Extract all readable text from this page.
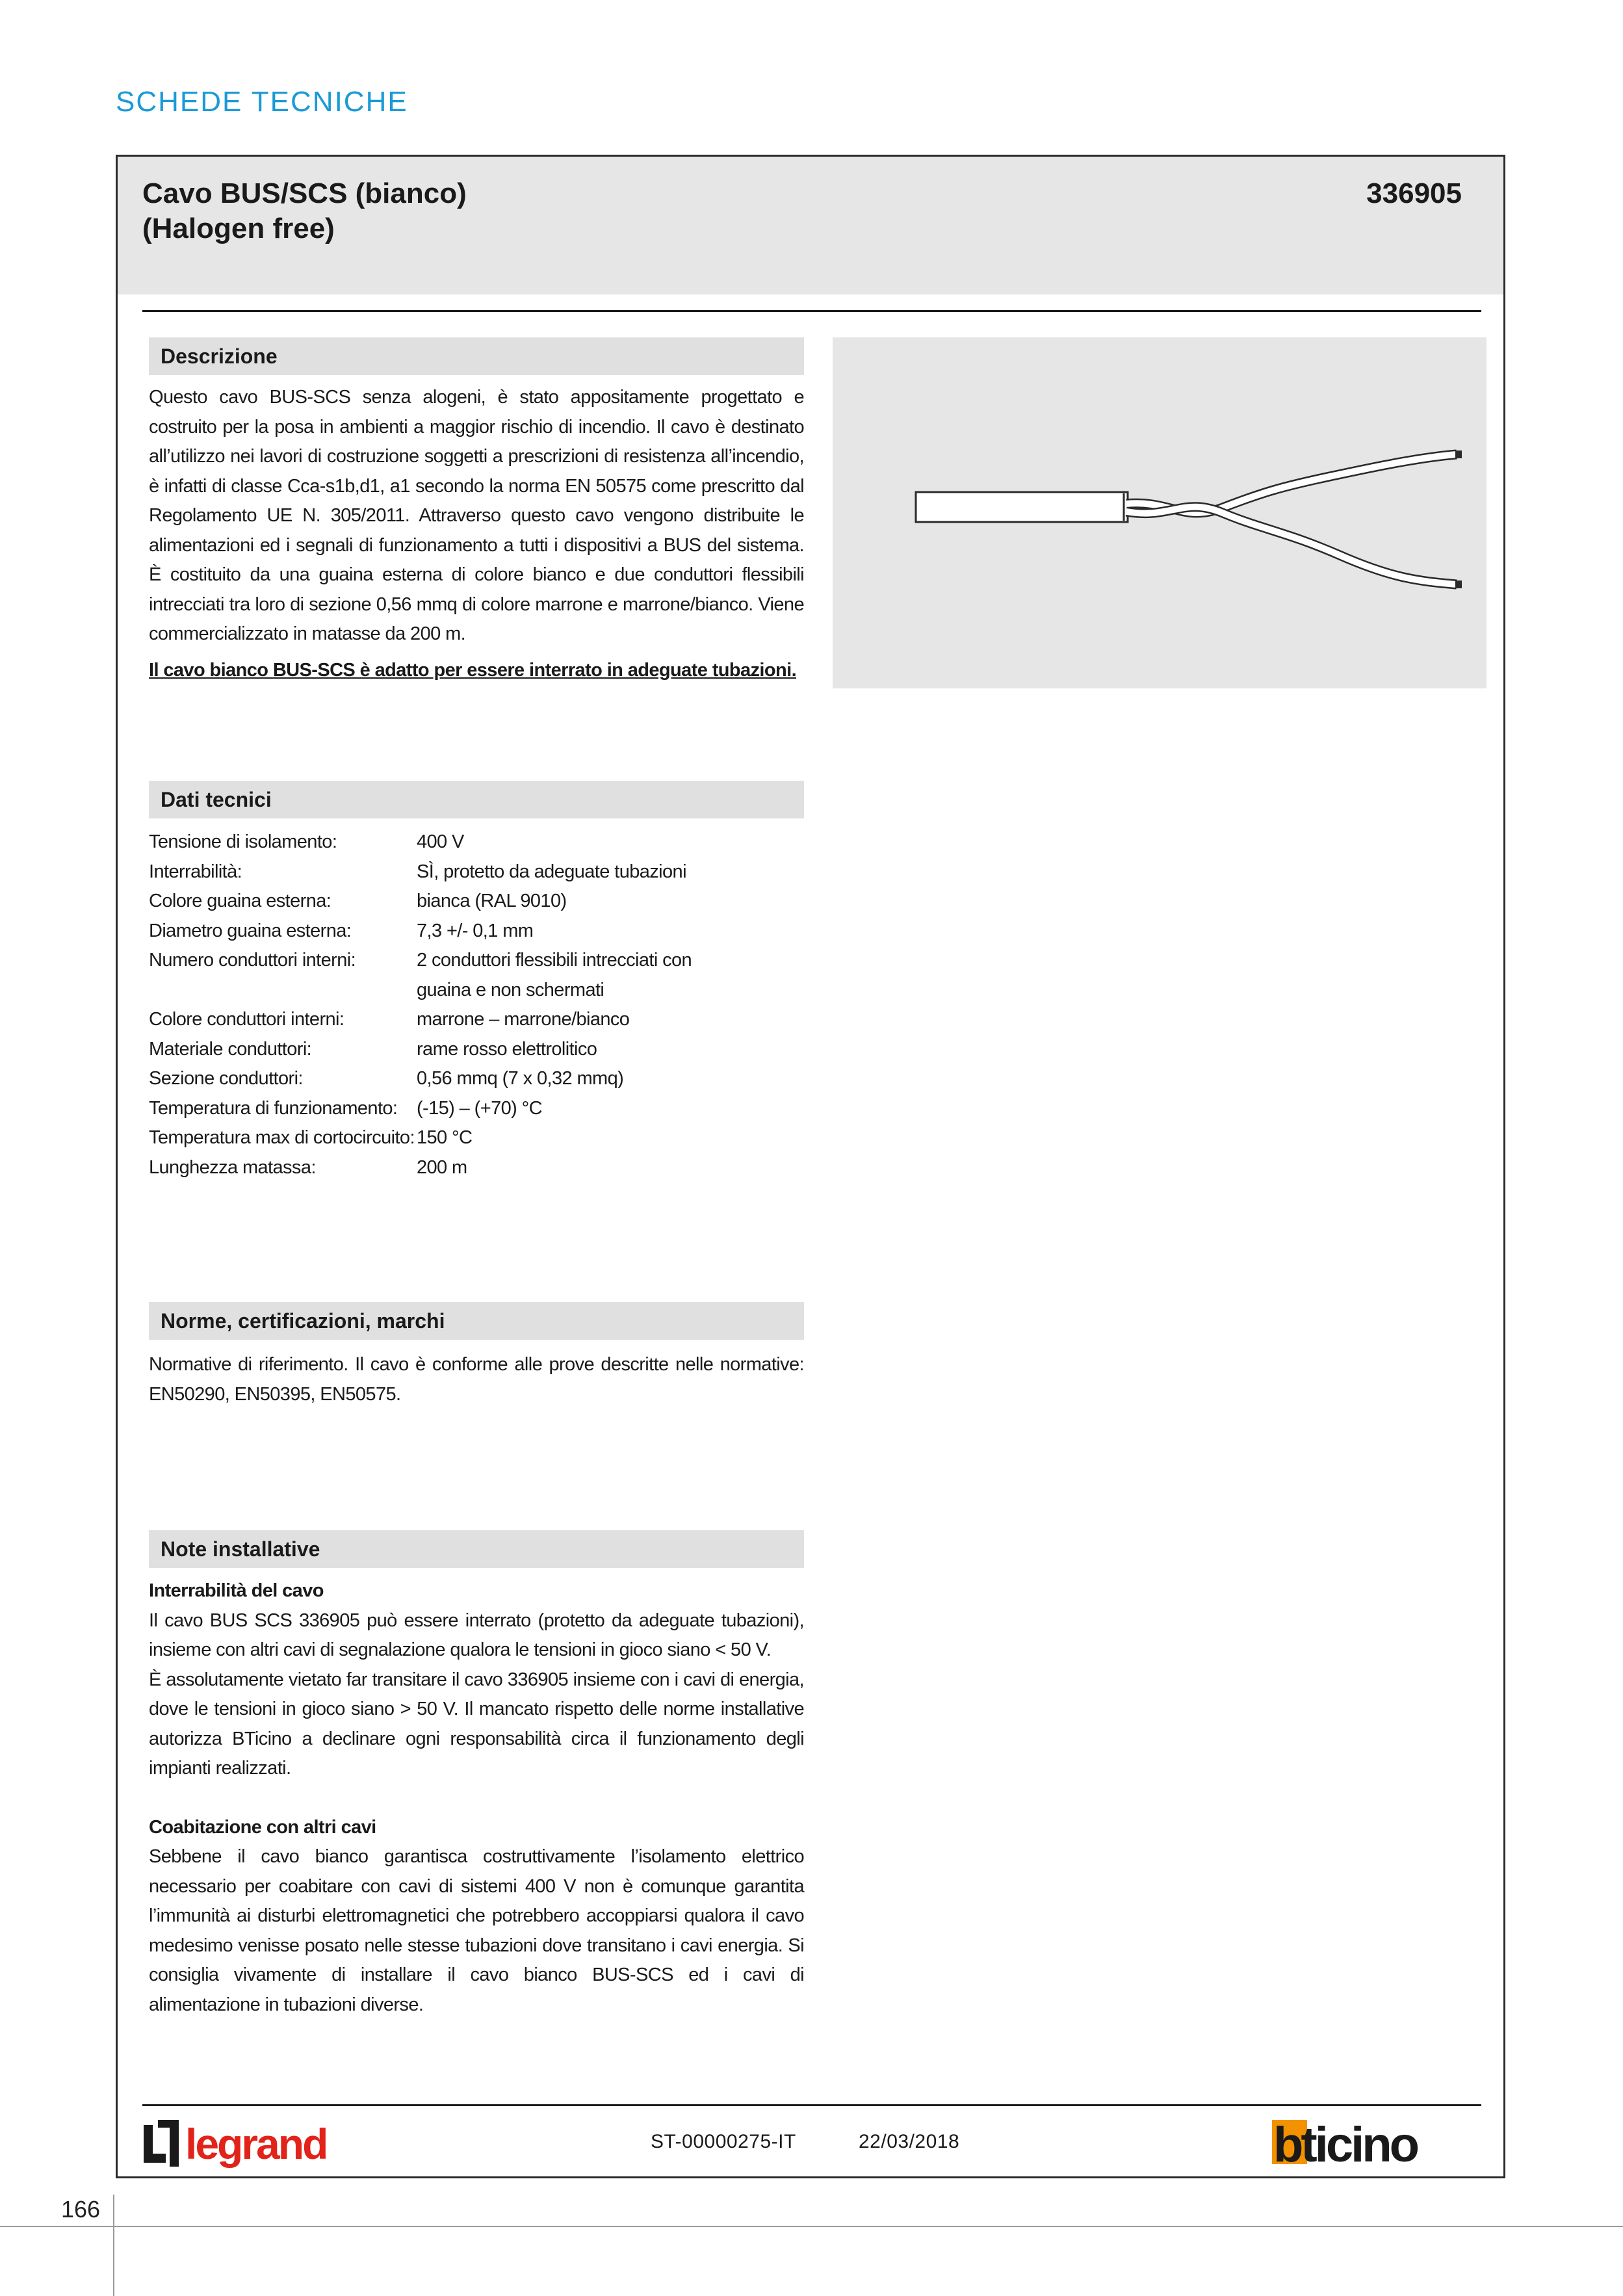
SCHEDE TECNICHE
Cavo BUS/SCS (bianco)
(Halogen free)
336905
Descrizione

Questo cavo BUS-SCS senza alogeni, è stato appositamente progettato e costruito per la posa in ambienti a maggior rischio di incendio. Il cavo è destinato all’utilizzo nei lavori di costruzione soggetti a prescrizioni di resistenza all’incendio, è infatti di classe Cca-s1b,d1, a1 secondo la norma EN 50575 come prescritto dal Regolamento UE N. 305/2011. Attraverso questo cavo vengono distribuite le alimentazioni ed i segnali di funzionamento a tutti i dispositivi a BUS del sistema. È costituito da una guaina esterna di colore bianco e due conduttori flessibili intrecciati tra loro di sezione 0,56 mmq di colore marrone e marrone/bianco. Viene commercializzato in matasse da 200 m.

Il cavo bianco BUS-SCS è adatto per essere interrato in adeguate tubazioni.

Dati tecnici
Tensione di isolamento:	400 V
Interrabilità:	SÌ, protetto da adeguate tubazioni
Colore guaina esterna:	bianca (RAL 9010)
Diametro guaina esterna:	7,3 +/- 0,1 mm
Numero conduttori interni:	2 conduttori flessibili intrecciati con guaina e non schermati
Colore conduttori interni:	marrone – marrone/bianco
Materiale conduttori:	rame rosso elettrolitico
Sezione conduttori:	0,56 mmq (7 x 0,32 mmq)
Temperatura di funzionamento:	(-15) – (+70) °C
Temperatura max di cortocircuito:	150 °C
Lunghezza matassa:	200 m
Norme, certificazioni, marchi

Normative di riferimento. Il cavo è conforme alle prove descritte nelle normative: EN50290, EN50395, EN50575.

Note installative

Interrabilità del cavo

Il cavo BUS SCS 336905 può essere interrato (protetto da adeguate tubazioni), insieme con altri cavi di segnalazione qualora le tensioni in gioco siano < 50 V.

È assolutamente vietato far transitare il cavo 336905 insieme con i cavi di energia, dove le tensioni in gioco siano > 50 V. Il mancato rispetto delle norme installative autorizza BTicino a declinare ogni responsabilità circa il funzionamento degli impianti realizzati.

Coabitazione con altri cavi

Sebbene il cavo bianco garantisca costruttivamente l’isolamento elettrico necessario per coabitare con cavi di sistemi 400 V non è comunque garantita l’immunità ai disturbi elettromagnetici che potrebbero accoppiarsi qualora il cavo medesimo venisse posato nelle stesse tubazioni dove transitano i cavi energia. Si consiglia vivamente di installare il cavo bianco BUS-SCS ed i cavi di alimentazione in tubazioni diverse.

legrand	ST-00000275-IT	22/03/2018	bticino
166
